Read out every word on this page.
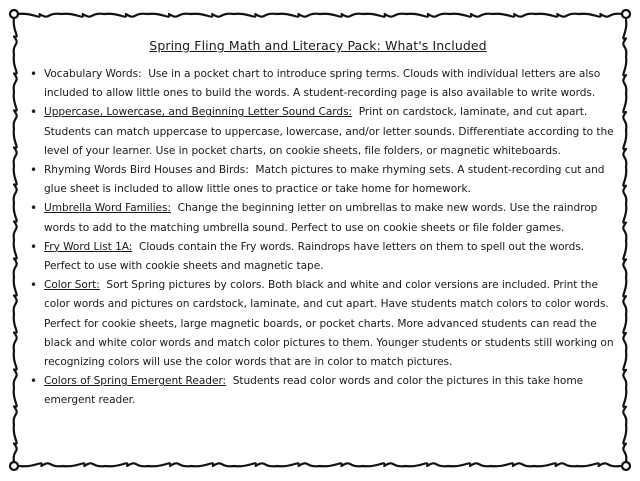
Spring Fling Math and Literacy Pack: What's Included
• Vocabulary Words: Use in a pocket chart to introduce spring terms. Clouds with individual letters are also included to allow little ones to build the words. A student-recording page is also available to write words.
• Uppercase, Lowercase, and Beginning Letter Sound Cards: Print on cardstock, laminate, and cut apart. Students can match uppercase to uppercase, lowercase, and/or letter sounds. Differentiate according to the level of your learner. Use in pocket charts, on cookie sheets, file folders, or magnetic whiteboards.
• Rhyming Words Bird Houses and Birds: Match pictures to make rhyming sets. A student-recording cut and glue sheet is included to allow little ones to practice or take home for homework.
• Umbrella Word Families: Change the beginning letter on umbrellas to make new words. Use the raindrop words to add to the matching umbrella sound. Perfect to use on cookie sheets or file folder games.
• Fry Word List 1A: Clouds contain the Fry words. Raindrops have letters on them to spell out the words. Perfect to use with cookie sheets and magnetic tape.
• Color Sort: Sort Spring pictures by colors. Both black and white and color versions are included. Print the color words and pictures on cardstock, laminate, and cut apart. Have students match colors to color words. Perfect for cookie sheets, large magnetic boards, or pocket charts. More advanced students can read the black and white color words and match color pictures to them. Younger students or students still working on recognizing colors will use the color words that are in color to match pictures.
• Colors of Spring Emergent Reader: Students read color words and color the pictures in this take home emergent reader.
